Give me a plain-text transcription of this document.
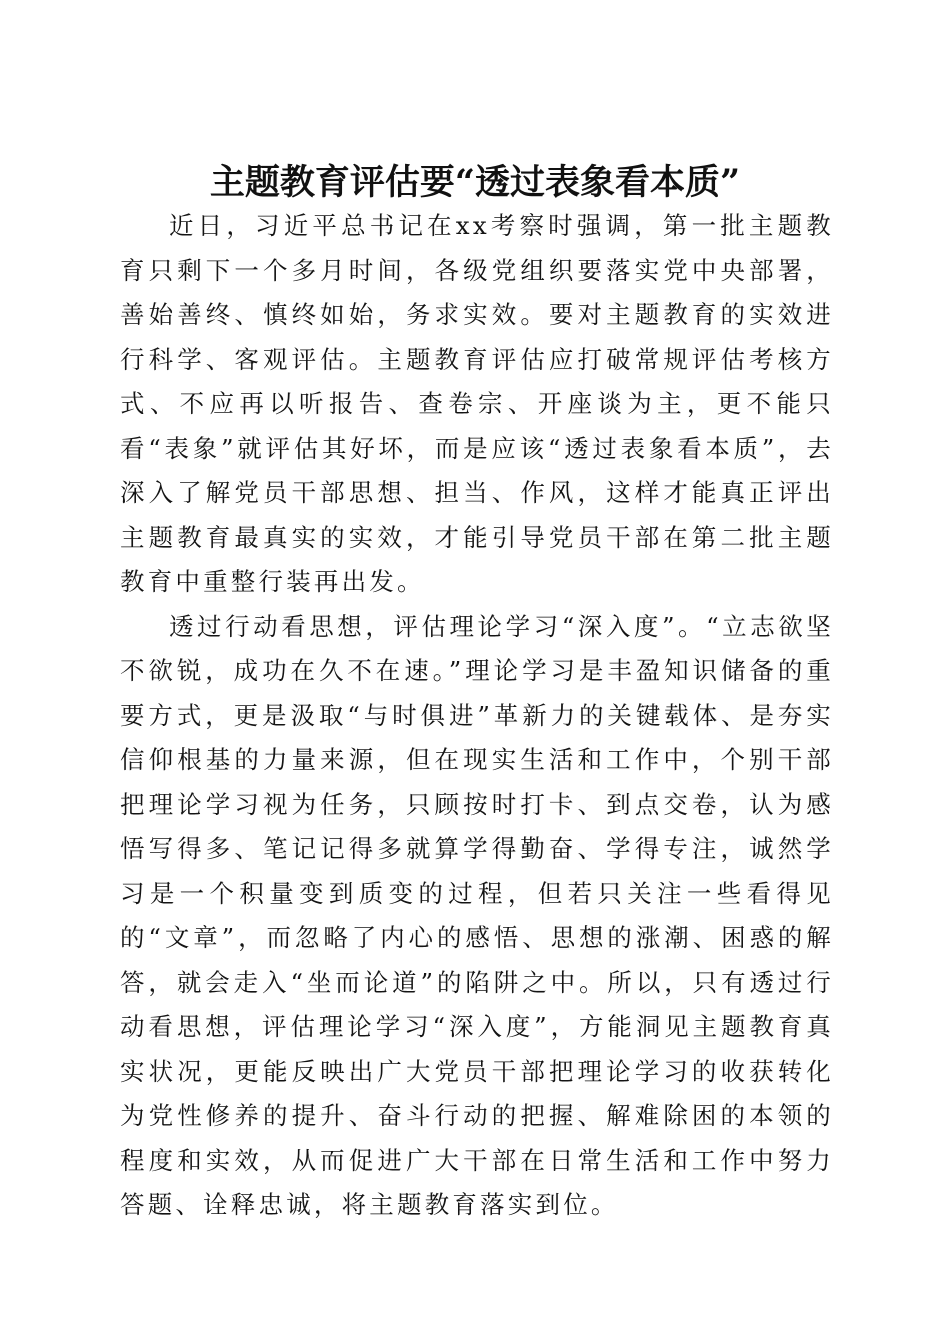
主题教育评估要“透过表象看本质”

近日，习近平总书记在xx考察时强调，第一批主题教育只剩下一个多月时间，各级党组织要落实党中央部署，善始善终、慎终如始，务求实效。要对主题教育的实效进行科学、客观评估。主题教育评估应打破常规评估考核方式、不应再以听报告、查卷宗、开座谈为主，更不能只看“表象”就评估其好坏，而是应该“透过表象看本质”，去深入了解党员干部思想、担当、作风，这样才能真正评出主题教育最真实的实效，才能引导党员干部在第二批主题教育中重整行装再出发。

透过行动看思想，评估理论学习“深入度”。“立志欲坚不欲锐，成功在久不在速。”理论学习是丰盈知识储备的重要方式，更是汲取“与时俱进”革新力的关键载体、是夯实信仰根基的力量来源，但在现实生活和工作中，个别干部把理论学习视为任务，只顾按时打卡、到点交卷，认为感悟写得多、笔记记得多就算学得勤奋、学得专注，诚然学习是一个积量变到质变的过程，但若只关注一些看得见的“文章”，而忽略了内心的感悟、思想的涨潮、困惑的解答，就会走入“坐而论道”的陷阱之中。所以，只有透过行动看思想，评估理论学习“深入度”，方能洞见主题教育真实状况，更能反映出广大党员干部把理论学习的收获转化为党性修养的提升、奋斗行动的把握、解难除困的本领的程度和实效，从而促进广大干部在日常生活和工作中努力答题、诠释忠诚，将主题教育落实到位。
